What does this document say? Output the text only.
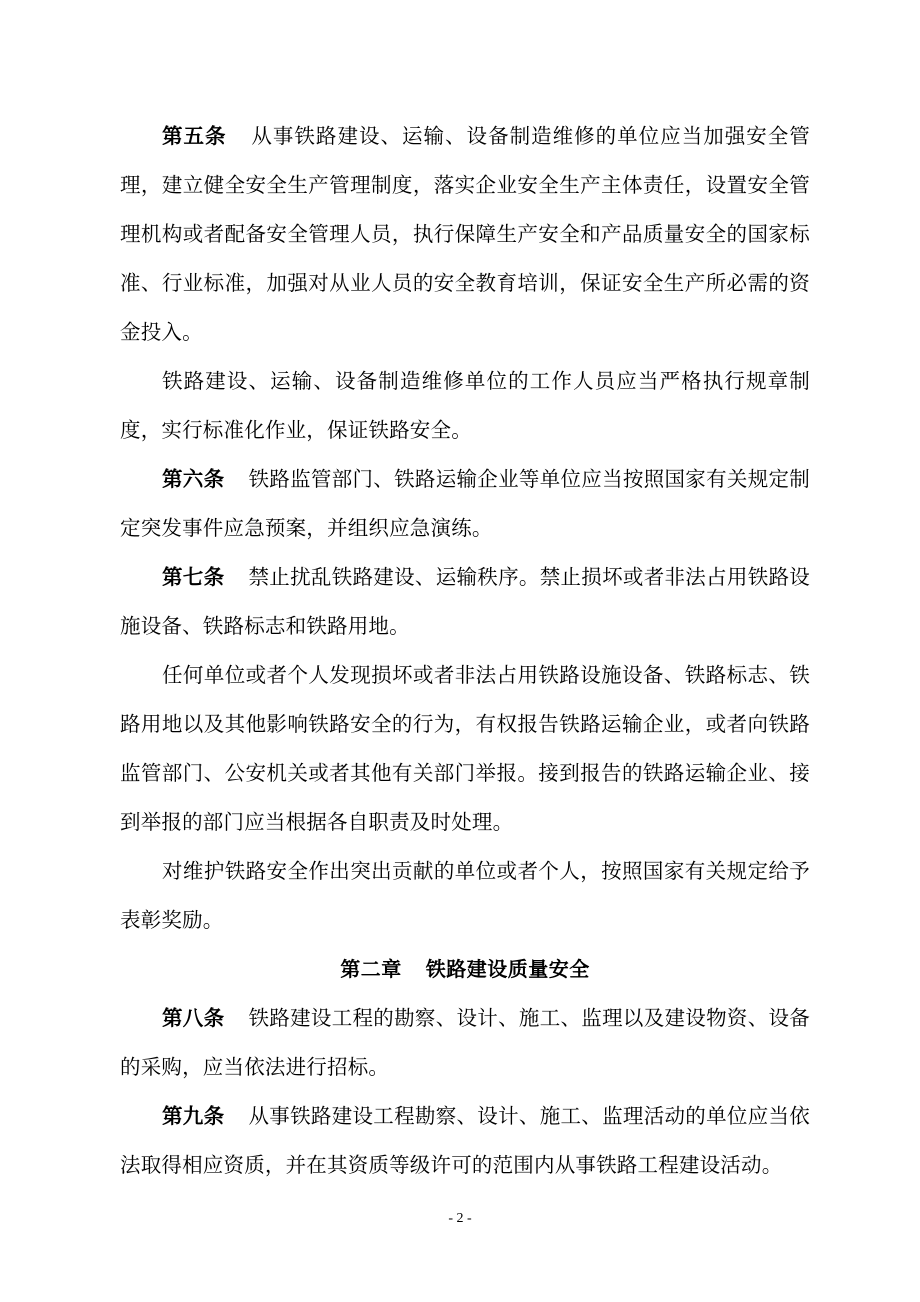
第五条 从事铁路建设、运输、设备制造维修的单位应当加强安全管理，建立健全安全生产管理制度，落实企业安全生产主体责任，设置安全管理机构或者配备安全管理人员，执行保障生产安全和产品质量安全的国家标准、行业标准，加强对从业人员的安全教育培训，保证安全生产所必需的资金投入。

铁路建设、运输、设备制造维修单位的工作人员应当严格执行规章制度，实行标准化作业，保证铁路安全。

第六条 铁路监管部门、铁路运输企业等单位应当按照国家有关规定制定突发事件应急预案，并组织应急演练。

第七条 禁止扰乱铁路建设、运输秩序。禁止损坏或者非法占用铁路设施设备、铁路标志和铁路用地。

任何单位或者个人发现损坏或者非法占用铁路设施设备、铁路标志、铁路用地以及其他影响铁路安全的行为，有权报告铁路运输企业，或者向铁路监管部门、公安机关或者其他有关部门举报。接到报告的铁路运输企业、接到举报的部门应当根据各自职责及时处理。

对维护铁路安全作出突出贡献的单位或者个人，按照国家有关规定给予表彰奖励。

第二章 铁路建设质量安全

第八条 铁路建设工程的勘察、设计、施工、监理以及建设物资、设备的采购，应当依法进行招标。

第九条 从事铁路建设工程勘察、设计、施工、监理活动的单位应当依法取得相应资质，并在其资质等级许可的范围内从事铁路工程建设活动。

- 2 -
